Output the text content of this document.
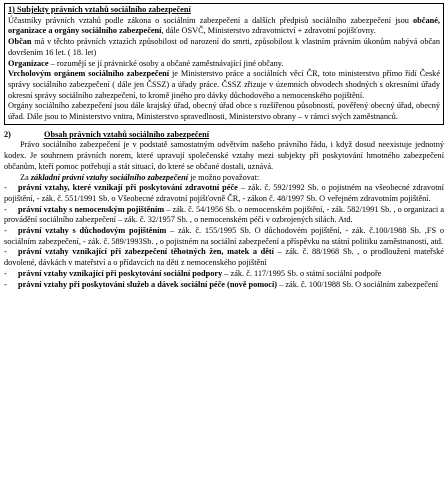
1) Subjekty právních vztahů sociálního zabezpečení

Účastníky právních vztahů podle zákona o sociálním zabezpečení a dalších předpisů sociálního zabezpečení jsou občané, organizace a orgány sociálního zabezpečení, dále OSVČ, Ministerstvo zdravotnictví + zdravotní pojišťovny.

Občan má v těchto právních vztazích způsobilost od narození do smrti, způsobilost k vlastním právním úkonům nabývá občan dovršením 16 let. ( 18. let)

Organizace – rozumějí se jí právnické osoby a občané zaměstnávající jiné občany.

Vrcholovým orgánem sociálního zabezpečení je Ministerstvo práce a sociálních věcí ČR, toto ministerstvo přímo řídí České správy sociálního zabezpečení ( dále jen ČSSZ) a úřady práce. ČSSZ zřizuje v územních obvodech shodných s okresními úřady okresní správy sociálního zabezpečení, to kromě jiného pro dávky důchodového a nemocenského pojištění.

Orgány sociálního zabezpečení jsou dále krajský úřad, obecný úřad obce s rozšířenou působností, pověřený obecný úřad, obecný úřad. Dále jsou to Ministerstvo vnitra, Ministerstvo spravedlnosti, Ministerstvo obrany – v rámci svých zaměstnanců.

2)	Obsah právních vztahů sociálního zabezpečení

Právo sociálního zabezpečení je v podstatě samostatným odvětvím našeho právního řádu, i když dosud neexistuje jednotný kodex. Je souhrnem právních norem, které upravují společenské vztahy mezi subjekty při poskytování hmotného zabezpečení občanům, kteří pomoc potřebují a stát situací, do které se občané dostali, uznává.

Za základní právní vztahy sociálního zabezpečení je možno považovat:

- právní vztahy, které vznikají při poskytování zdravotní péče – zák. č. 592/1992 Sb. o pojistném na všeobecné zdravotní pojištění, - zák. č. 551/1991 Sb. o Všeobecné zdravotní pojišťovně ČR, - zákon č. 48/1997 Sb. O veřejném zdravotním pojištění.
- právní vztahy s nemocenským pojištěním – zák. č. 54/1956 Sb. o nemocenském pojištění, - zák. 582/1991 Sb. , o organizaci a provádění sociálního zabezpečení – zák. č. 32/1957 Sb. , o nemocenském péči v ozbrojených silách. Atd.
- právní vztahy s důchodovým pojištěním – zák. č. 155/1995 Sb. O důchodovém pojištění, - zák. č.100/1988 Sb. ,FS o sociálním zabezpečení, - zák. č. 589/1993Sb. , o pojistném na sociální zabezpečení a příspěvku na státní politiku zaměstnanosti, atd.
- právní vztahy vznikající při zabezpečení těhotných žen, matek a dětí – zák. č. 88/1968 Sb. , o prodloužení mateřské dovolené, dávkách v mateřství a o přídavcích na děti z nemocenského pojištění
- právní vztahy vznikající při poskytování sociální podpory – zák. č. 117/1995 Sb. o státní sociální podpoře
- právní vztahy při poskytování služeb a dávek sociální péče (nově pomoci) – zák. č. 100/1988 Sb. O sociálním zabezpečení
